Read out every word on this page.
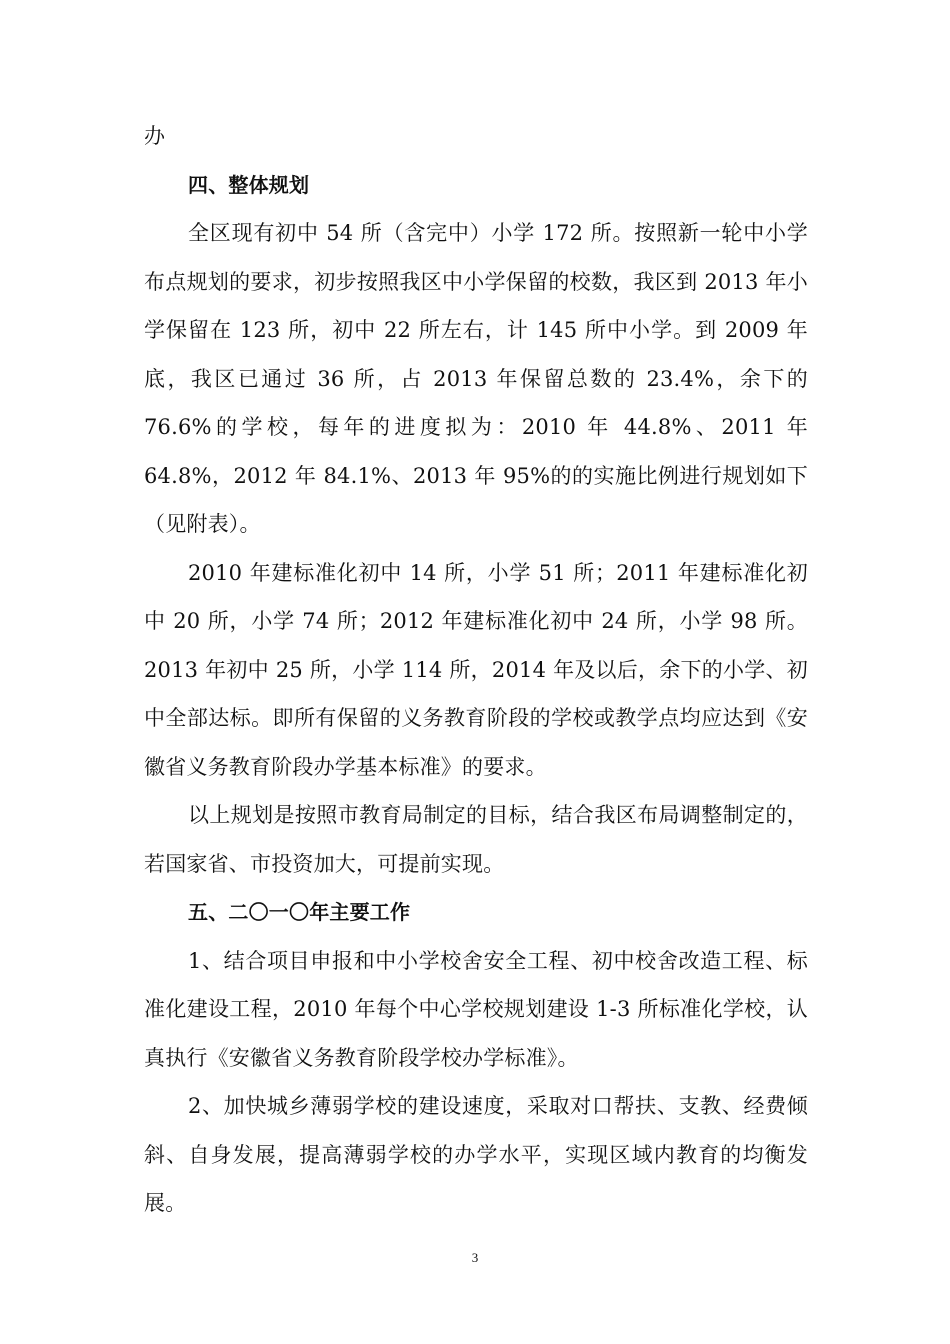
办

四、整体规划

全区现有初中 54 所（含完中）小学 172 所。按照新一轮中小学布点规划的要求，初步按照我区中小学保留的校数，我区到 2013 年小学保留在 123 所，初中 22 所左右，计 145 所中小学。到 2009 年底，我区已通过 36 所，占 2013 年保留总数的 23.4%，余下的 76.6%的学校，每年的进度拟为：2010 年 44.8%、2011 年 64.8%，2012 年 84.1%、2013 年 95%的的实施比例进行规划如下（见附表）。

2010 年建标准化初中 14 所，小学 51 所；2011 年建标准化初中 20 所，小学 74 所；2012 年建标准化初中 24 所，小学 98 所。2013 年初中 25 所，小学 114 所，2014 年及以后，余下的小学、初中全部达标。即所有保留的义务教育阶段的学校或教学点均应达到《安徽省义务教育阶段办学基本标准》的要求。

以上规划是按照市教育局制定的目标，结合我区布局调整制定的，若国家省、市投资加大，可提前实现。

五、二〇一〇年主要工作

1、结合项目申报和中小学校舍安全工程、初中校舍改造工程、标准化建设工程，2010 年每个中心学校规划建设 1-3 所标准化学校，认真执行《安徽省义务教育阶段学校办学标准》。

2、加快城乡薄弱学校的建设速度，采取对口帮扶、支教、经费倾斜、自身发展，提高薄弱学校的办学水平，实现区域内教育的均衡发展。

3
